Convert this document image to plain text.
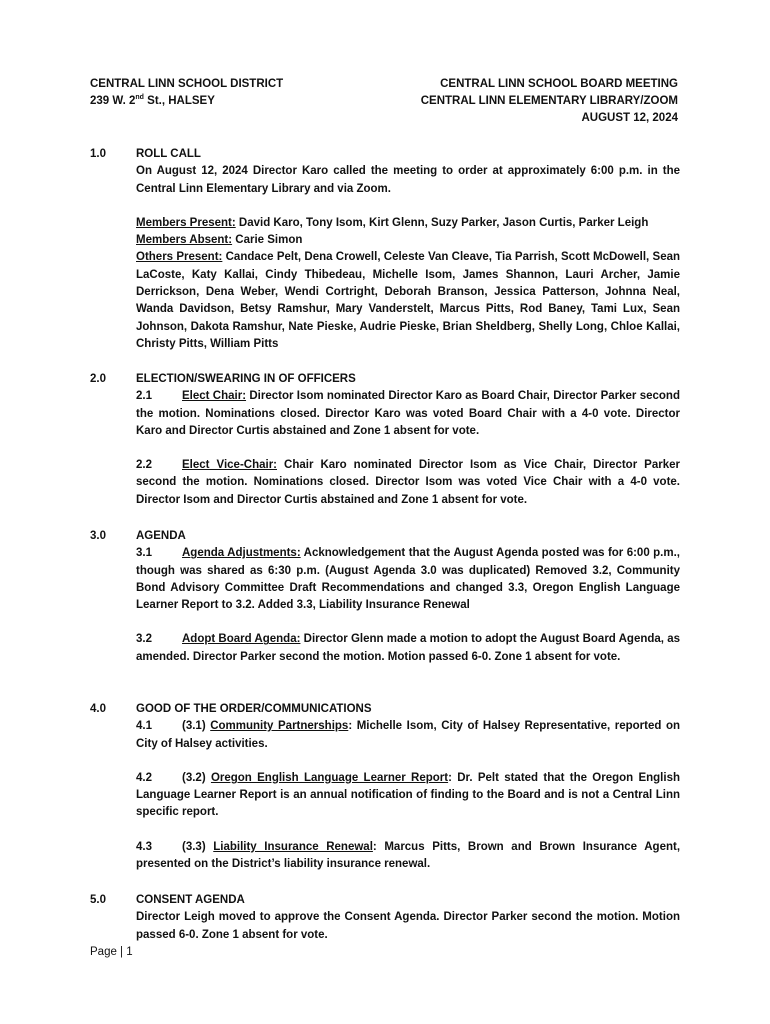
CENTRAL LINN SCHOOL DISTRICT
239 W. 2nd St., HALSEY
CENTRAL LINN SCHOOL BOARD MEETING
CENTRAL LINN ELEMENTARY LIBRARY/ZOOM
AUGUST 12, 2024
1.0	ROLL CALL

On August 12, 2024 Director Karo called the meeting to order at approximately 6:00 p.m. in the Central Linn Elementary Library and via Zoom.

Members Present: David Karo, Tony Isom, Kirt Glenn, Suzy Parker, Jason Curtis, Parker Leigh

Members Absent: Carie Simon

Others Present: Candace Pelt, Dena Crowell, Celeste Van Cleave, Tia Parrish, Scott McDowell, Sean LaCoste, Katy Kallai, Cindy Thibedeau, Michelle Isom, James Shannon, Lauri Archer, Jamie Derrickson, Dena Weber, Wendi Cortright, Deborah Branson, Jessica Patterson, Johnna Neal, Wanda Davidson, Betsy Ramshur, Mary Vanderstelt, Marcus Pitts, Rod Baney, Tami Lux, Sean Johnson, Dakota Ramshur, Nate Pieske, Audrie Pieske, Brian Sheldberg, Shelly Long, Chloe Kallai, Christy Pitts, William Pitts

2.0	ELECTION/SWEARING IN OF OFFICERS

2.1	Elect Chair: Director Isom nominated Director Karo as Board Chair, Director Parker second the motion. Nominations closed. Director Karo was voted Board Chair with a 4-0 vote. Director Karo and Director Curtis abstained and Zone 1 absent for vote.

2.2	Elect Vice-Chair: Chair Karo nominated Director Isom as Vice Chair, Director Parker second the motion. Nominations closed. Director Isom was voted Vice Chair with a 4-0 vote. Director Isom and Director Curtis abstained and Zone 1 absent for vote.

3.0	AGENDA

3.1	Agenda Adjustments: Acknowledgement that the August Agenda posted was for 6:00 p.m., though was shared as 6:30 p.m. (August Agenda 3.0 was duplicated) Removed 3.2, Community Bond Advisory Committee Draft Recommendations and changed 3.3, Oregon English Language Learner Report to 3.2. Added 3.3, Liability Insurance Renewal

3.2	Adopt Board Agenda: Director Glenn made a motion to adopt the August Board Agenda, as amended. Director Parker second the motion. Motion passed 6-0. Zone 1 absent for vote.

4.0	GOOD OF THE ORDER/COMMUNICATIONS

4.1	(3.1) Community Partnerships: Michelle Isom, City of Halsey Representative, reported on City of Halsey activities.

4.2	(3.2) Oregon English Language Learner Report: Dr. Pelt stated that the Oregon English Language Learner Report is an annual notification of finding to the Board and is not a Central Linn specific report.

4.3	(3.3) Liability Insurance Renewal: Marcus Pitts, Brown and Brown Insurance Agent, presented on the District’s liability insurance renewal.

5.0	CONSENT AGENDA

Director Leigh moved to approve the Consent Agenda. Director Parker second the motion. Motion passed 6-0. Zone 1 absent for vote.

Page | 1
